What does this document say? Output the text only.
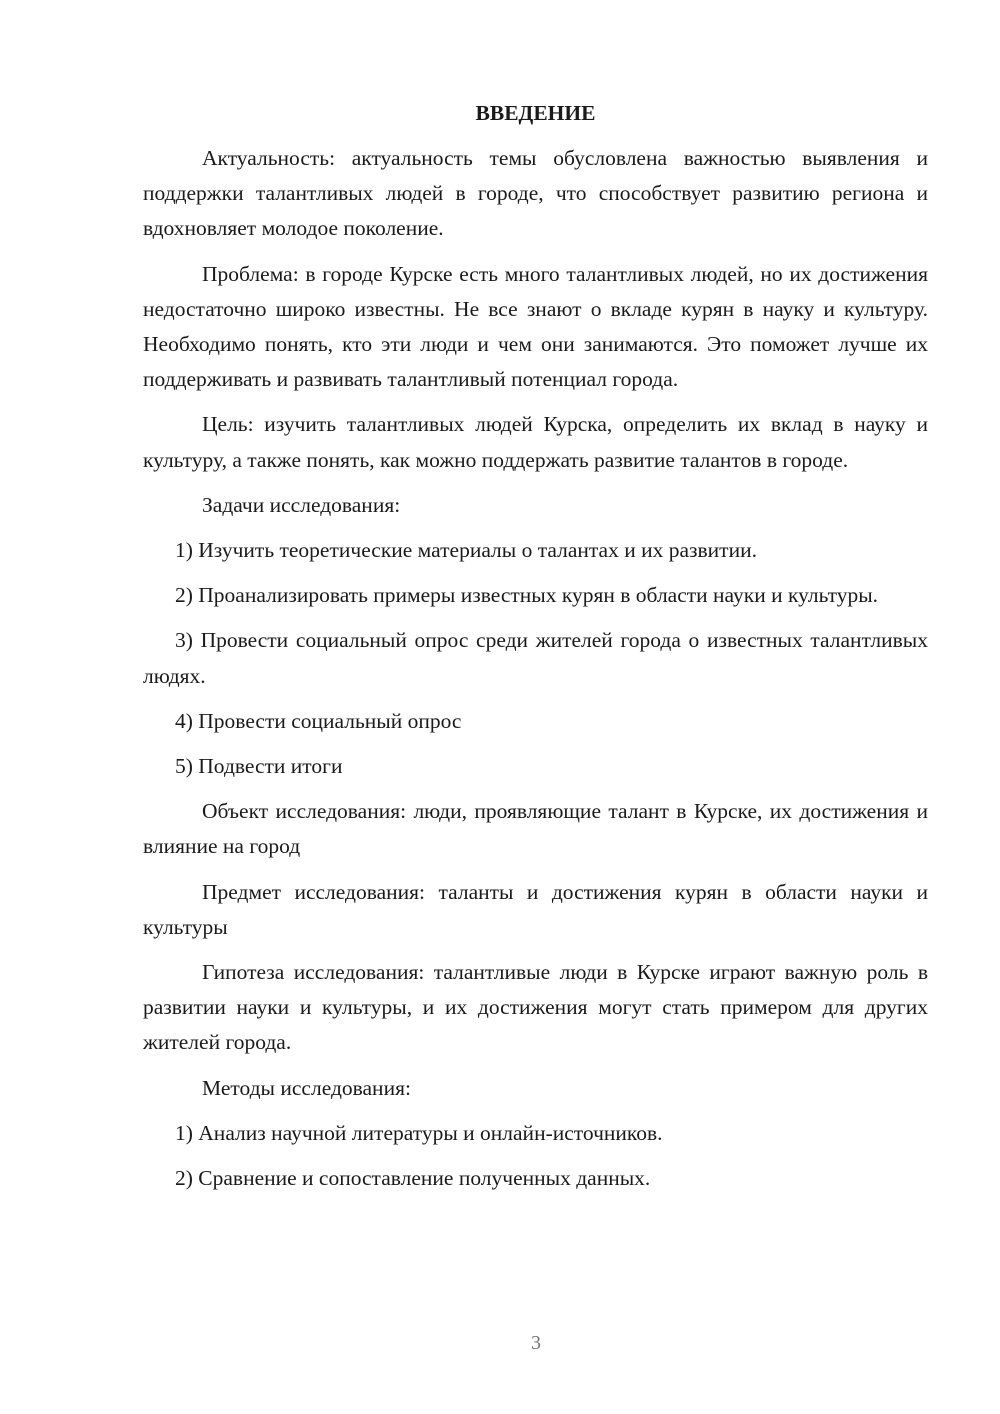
ВВЕДЕНИЕ

Актуальность: актуальность темы обусловлена важностью выявления и поддержки талантливых людей в городе, что способствует развитию региона и вдохновляет молодое поколение.

Проблема: в городе Курске есть много талантливых людей, но их достижения недостаточно широко известны. Не все знают о вкладе курян в науку и культуру. Необходимо понять, кто эти люди и чем они занимаются. Это поможет лучше их поддерживать и развивать талантливый потенциал города.

Цель: изучить талантливых людей Курска, определить их вклад в науку и культуру, а также понять, как можно поддержать развитие талантов в городе.

Задачи исследования:

1) Изучить теоретические материалы о талантах и их развитии.

2) Проанализировать примеры известных курян в области науки и культуры.

3) Провести социальный опрос среди жителей города о известных талантливых людях.

4) Провести социальный опрос

5) Подвести итоги

Объект исследования: люди, проявляющие талант в Курске, их достижения и влияние на город

Предмет исследования: таланты и достижения курян в области науки и культуры

Гипотеза исследования: талантливые люди в Курске играют важную роль в развитии науки и культуры, и их достижения могут стать примером для других жителей города.

Методы исследования:

1) Анализ научной литературы и онлайн-источников.

2) Сравнение и сопоставление полученных данных.

3
